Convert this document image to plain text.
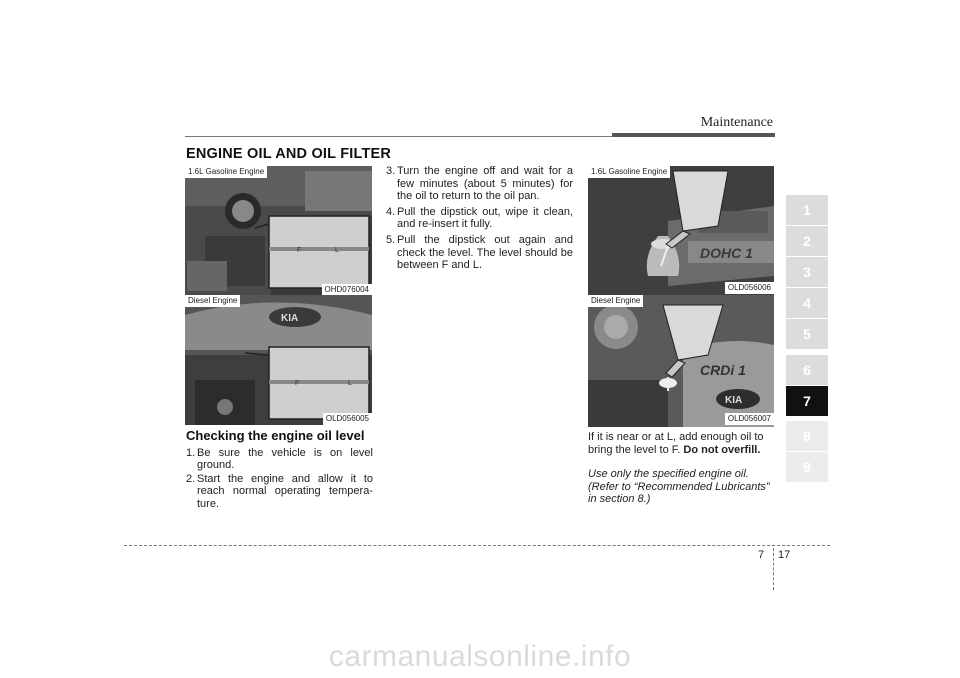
Maintenance
ENGINE OIL AND OIL FILTER
F	L
1.6L Gasoline Engine
OHD076004
KIA
F	L
Diesel Engine
OLD056005
DOHC 1
1.6L Gasoline Engine
OLD056006
CRDi 1
KIA
Diesel Engine
OLD056007
Checking the engine oil level
1. Be sure the vehicle is on level ground.
2. Start the engine and allow it to reach normal operating tempera- ture.
3. Turn the engine off and wait for a few minutes (about 5 minutes) for the oil to return to the oil pan.
4. Pull the dipstick out, wipe it clean, and re-insert it fully.
5. Pull the dipstick out again and check the level. The level should be between F and L.
If it is near or at L, add enough oil to bring the level to F. Do not overfill.
Use only the specified engine oil. (Refer to “Recommended Lubricants” in section 8.)
1
2
3
4
5
6
7
8
9
7 17
carmanualsonline.info
